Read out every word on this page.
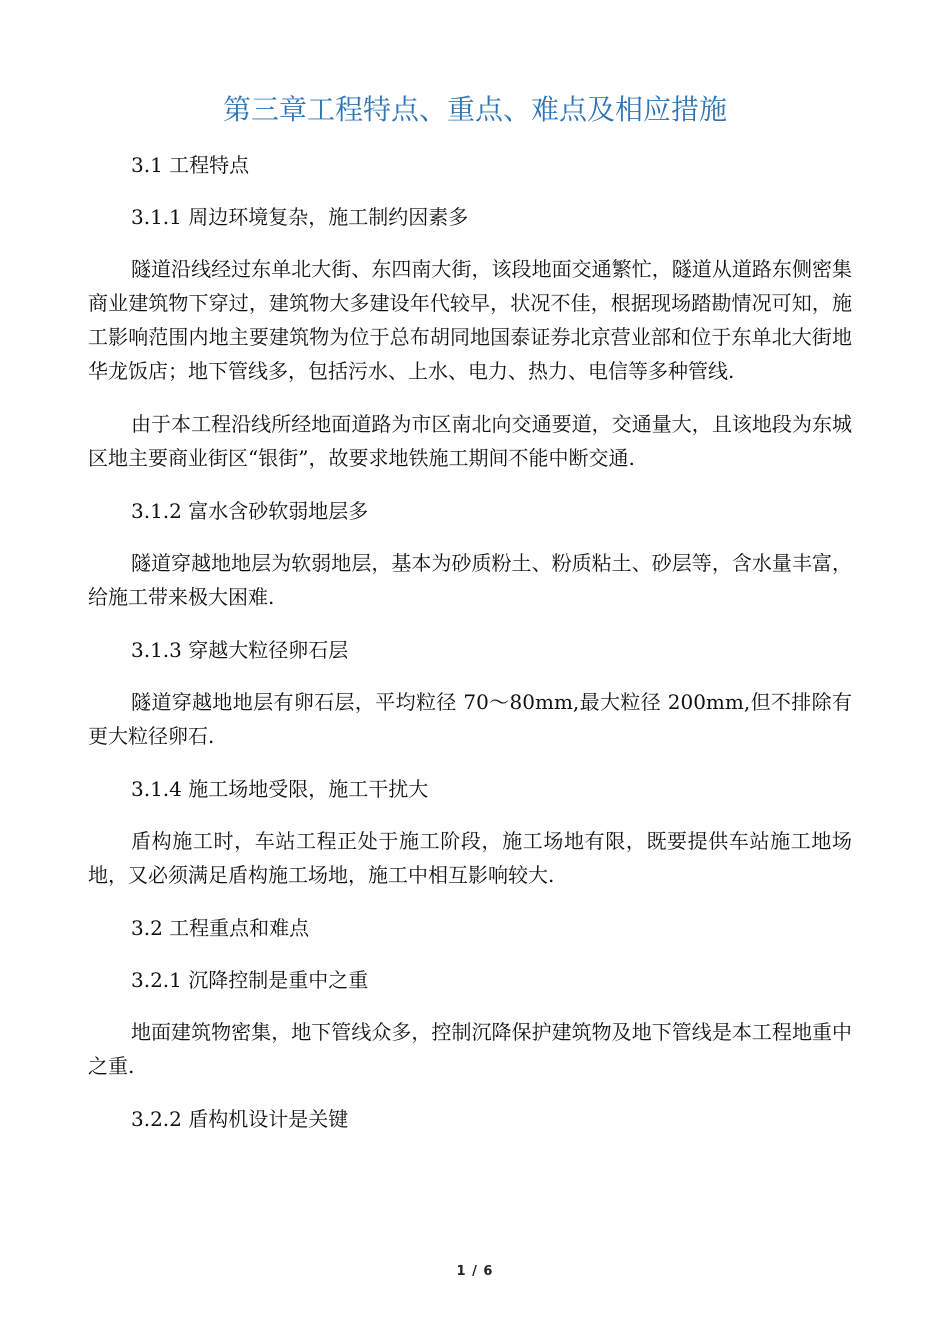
第三章工程特点、重点、难点及相应措施
3.1 工程特点
3.1.1 周边环境复杂，施工制约因素多

隧道沿线经过东单北大街、东四南大街，该段地面交通繁忙，隧道从道路东侧密集商业建筑物下穿过，建筑物大多建设年代较早，状况不佳，根据现场踏勘情况可知，施工影响范围内地主要建筑物为位于总布胡同地国泰证券北京营业部和位于东单北大街地华龙饭店；地下管线多，包括污水、上水、电力、热力、电信等多种管线.

由于本工程沿线所经地面道路为市区南北向交通要道，交通量大，且该地段为东城区地主要商业街区“银街”，故要求地铁施工期间不能中断交通.

3.1.2 富水含砂软弱地层多

隧道穿越地地层为软弱地层，基本为砂质粉土、粉质粘土、砂层等，含水量丰富，给施工带来极大困难.

3.1.3 穿越大粒径卵石层

隧道穿越地地层有卵石层，平均粒径 70～80mm,最大粒径 200mm,但不排除有更大粒径卵石.

3.1.4 施工场地受限，施工干扰大

盾构施工时，车站工程正处于施工阶段，施工场地有限，既要提供车站施工地场地，又必须满足盾构施工场地，施工中相互影响较大.

3.2 工程重点和难点
3.2.1 沉降控制是重中之重

地面建筑物密集，地下管线众多，控制沉降保护建筑物及地下管线是本工程地重中之重.

3.2.2 盾构机设计是关键
1 / 6
